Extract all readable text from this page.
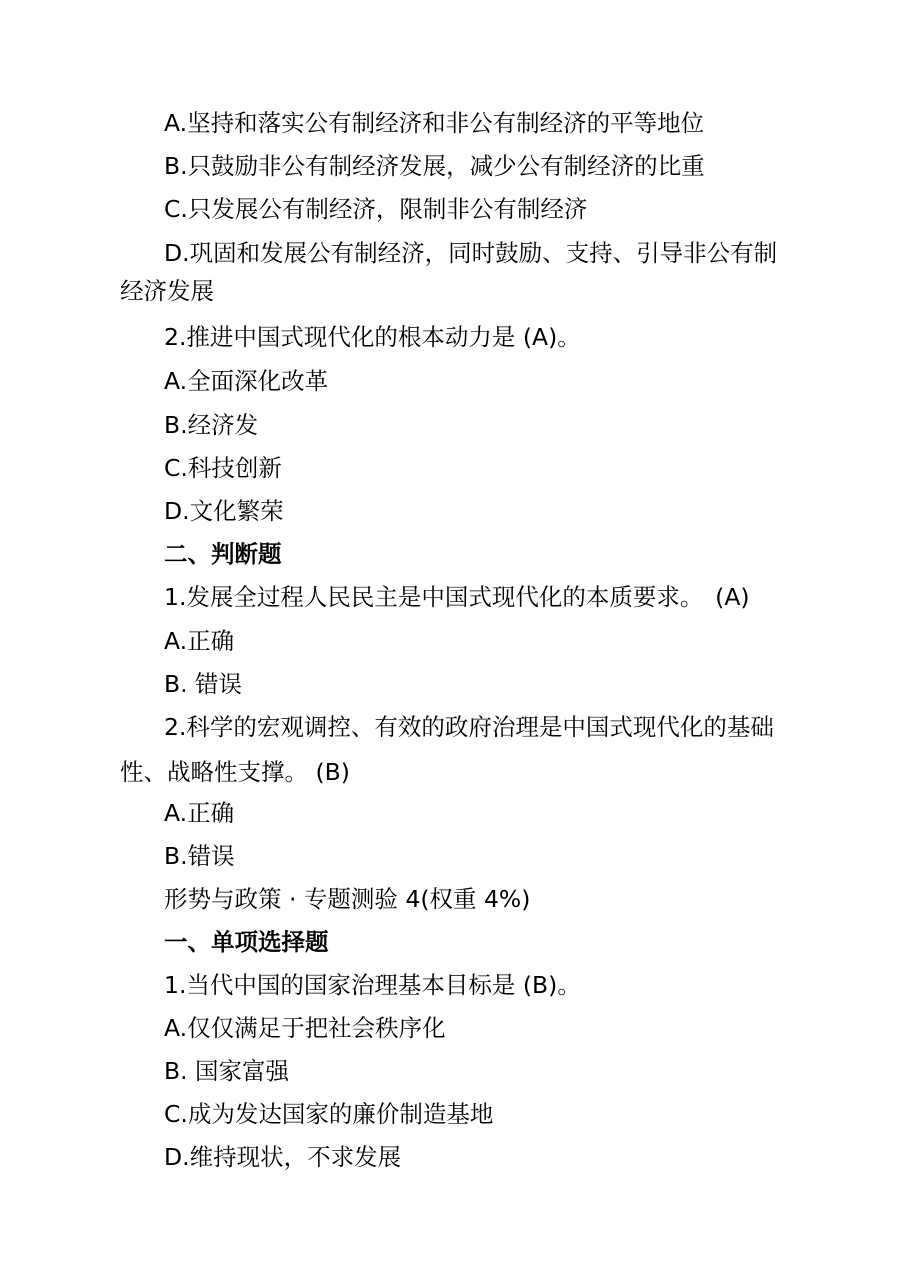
A.坚持和落实公有制经济和非公有制经济的平等地位

B.只鼓励非公有制经济发展，减少公有制经济的比重

C.只发展公有制经济，限制非公有制经济

D.巩固和发展公有制经济，同时鼓励、支持、引导非公有制

经济发展

2.推进中国式现代化的根本动力是 (A)。

A.全面深化改革

B.经济发

C.科技创新

D.文化繁荣

二、判断题

1.发展全过程人民民主是中国式现代化的本质要求。　(A)

A.正确

B. 错误

2.科学的宏观调控、有效的政府治理是中国式现代化的基础

性、战略性支撑。 (B)

A.正确

B.错误

形势与政策 · 专题测验 4(权重 4%)

一、单项选择题

1.当代中国的国家治理基本目标是 (B)。

A.仅仅满足于把社会秩序化

B. 国家富强

C.成为发达国家的廉价制造基地

D.维持现状，不求发展
